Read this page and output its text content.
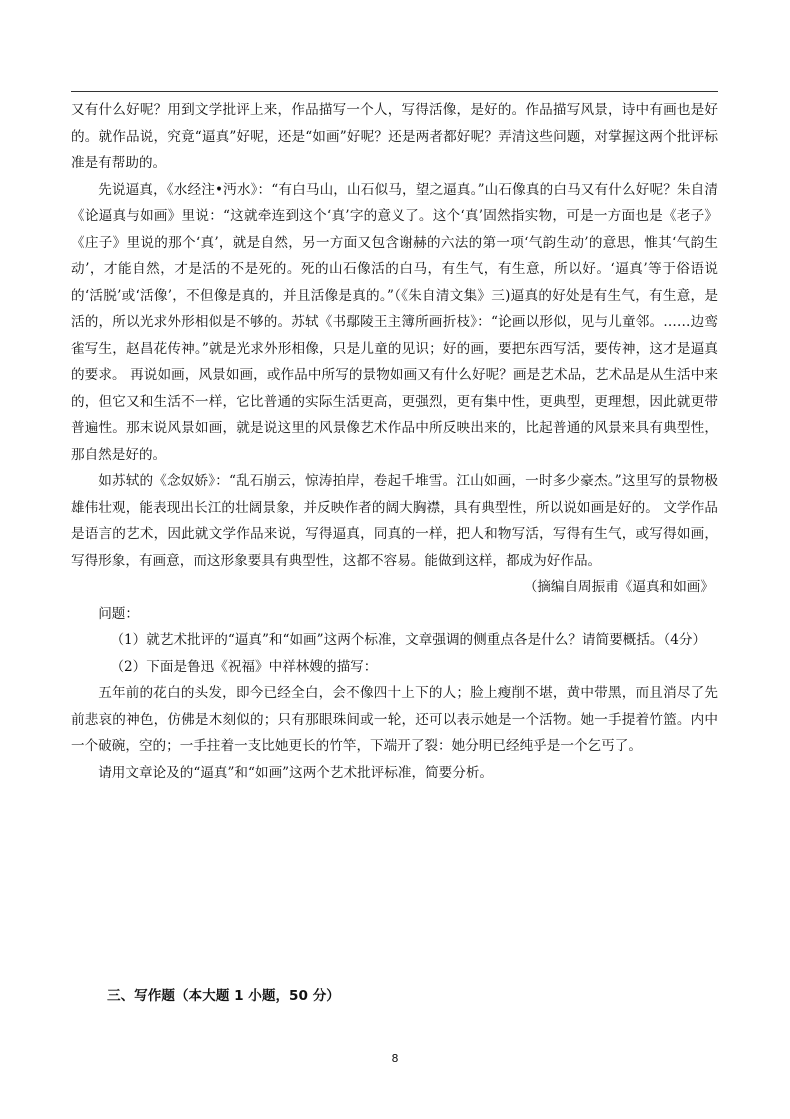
又有什么好呢？用到文学批评上来，作品描写一个人，写得活像，是好的。作品描写风景，诗中有画也是好的。就作品说，究竟“逼真”好呢，还是“如画”好呢？还是两者都好呢？弄清这些问题，对掌握这两个批评标准是有帮助的。

先说逼真，《水经注•沔水》：“有白马山，山石似马，望之逼真。”山石像真的白马又有什么好呢？朱自清《论逼真与如画》里说：“这就牵连到这个‘真’字的意义了。这个‘真’固然指实物，可是一方面也是《老子》《庄子》里说的那个‘真’，就是自然，另一方面又包含谢赫的六法的第一项‘气韵生动’的意思，惟其‘气韵生动’，才能自然，才是活的不是死的。死的山石像活的白马，有生气，有生意，所以好。‘逼真’等于俗语说的‘活脱’或‘活像’，不但像是真的，并且活像是真的。”（《朱自清文集》三)逼真的好处是有生气，有生意，是活的，所以光求外形相似是不够的。苏轼《书鄢陵王主簿所画折枝》：“论画以形似，见与儿童邻。……边鸾雀写生，赵昌花传神。”就是光求外形相像，只是儿童的见识；好的画，要把东西写活，要传神，这才是逼真的要求。 再说如画，风景如画，或作品中所写的景物如画又有什么好呢？画是艺术品，艺术品是从生活中来的，但它又和生活不一样，它比普通的实际生活更高，更强烈，更有集中性，更典型，更理想，因此就更带普遍性。那末说风景如画，就是说这里的风景像艺术作品中所反映出来的，比起普通的风景来具有典型性，那自然是好的。

如苏轼的《念奴娇》：“乱石崩云，惊涛拍岸，卷起千堆雪。江山如画，一时多少豪杰。”这里写的景物极雄伟壮观，能表现出长江的壮阔景象，并反映作者的阔大胸襟，具有典型性，所以说如画是好的。 文学作品是语言的艺术，因此就文学作品来说，写得逼真，同真的一样，把人和物写活，写得有生气，或写得如画，写得形象，有画意，而这形象要具有典型性，这都不容易。能做到这样，都成为好作品。

（摘编自周振甫《逼真和如画》

问题：

（1）就艺术批评的“逼真”和“如画”这两个标准，文章强调的侧重点各是什么？请简要概括。（4分）

（2）下面是鲁迅《祝福》中祥林嫂的描写：

五年前的花白的头发，即今已经全白，会不像四十上下的人；脸上瘦削不堪，黄中带黑，而且消尽了先前悲哀的神色，仿佛是木刻似的；只有那眼珠间或一轮，还可以表示她是一个活物。她一手提着竹篮。内中一个破碗，空的；一手拄着一支比她更长的竹竿，下端开了裂：她分明已经纯乎是一个乞丐了。

请用文章论及的“逼真”和“如画”这两个艺术批评标准，简要分析。

三、写作题（本大题 1 小题，50 分）
8
